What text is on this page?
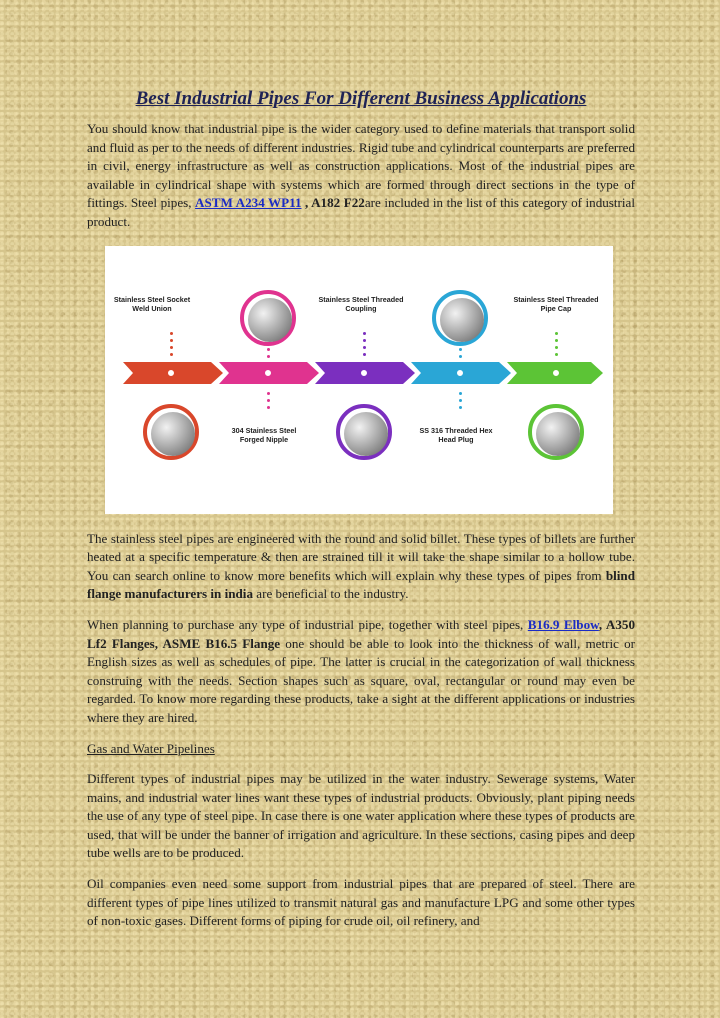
Best Industrial Pipes For Different Business Applications

You should know that industrial pipe is the wider category used to define materials that transport solid and fluid as per to the needs of different industries. Rigid tube and cylindrical counterparts are preferred in civil, energy infrastructure as well as construction applications. Most of the industrial pipes are available in cylindrical shape with systems which are formed through direct sections in the type of fittings. Steel pipes, ASTM A234 WP11 , A182 F22are included in the list of this category of industrial product.

Stainless Steel Socket Weld Union
Stainless Steel Threaded Coupling
Stainless Steel Threaded Pipe Cap
304 Stainless Steel Forged Nipple
SS 316 Threaded Hex Head Plug

The stainless steel pipes are engineered with the round and solid billet. These types of billets are further heated at a specific temperature & then are strained till it will take the shape similar to a hollow tube. You can search online to know more benefits which will explain why these types of pipes from blind flange manufacturers in india are beneficial to the industry.

When planning to purchase any type of industrial pipe, together with steel pipes, B16.9 Elbow, A350 Lf2 Flanges, ASME B16.5 Flange one should be able to look into the thickness of wall, metric or English sizes as well as schedules of pipe. The latter is crucial in the categorization of wall thickness construing with the needs. Section shapes such as square, oval, rectangular or round may even be regarded. To know more regarding these products, take a sight at the different applications or industries where they are hired.

Gas and Water Pipelines

Different types of industrial pipes may be utilized in the water industry. Sewerage systems, Water mains, and industrial water lines want these types of industrial products. Obviously, plant piping needs the use of any type of steel pipe. In case there is one water application where these types of products are used, that will be under the banner of irrigation and agriculture. In these sections, casing pipes and deep tube wells are to be produced.

Oil companies even need some support from industrial pipes that are prepared of steel. There are different types of pipe lines utilized to transmit natural gas and manufacture LPG and some other types of non-toxic gases. Different forms of piping for crude oil, oil refinery, and
